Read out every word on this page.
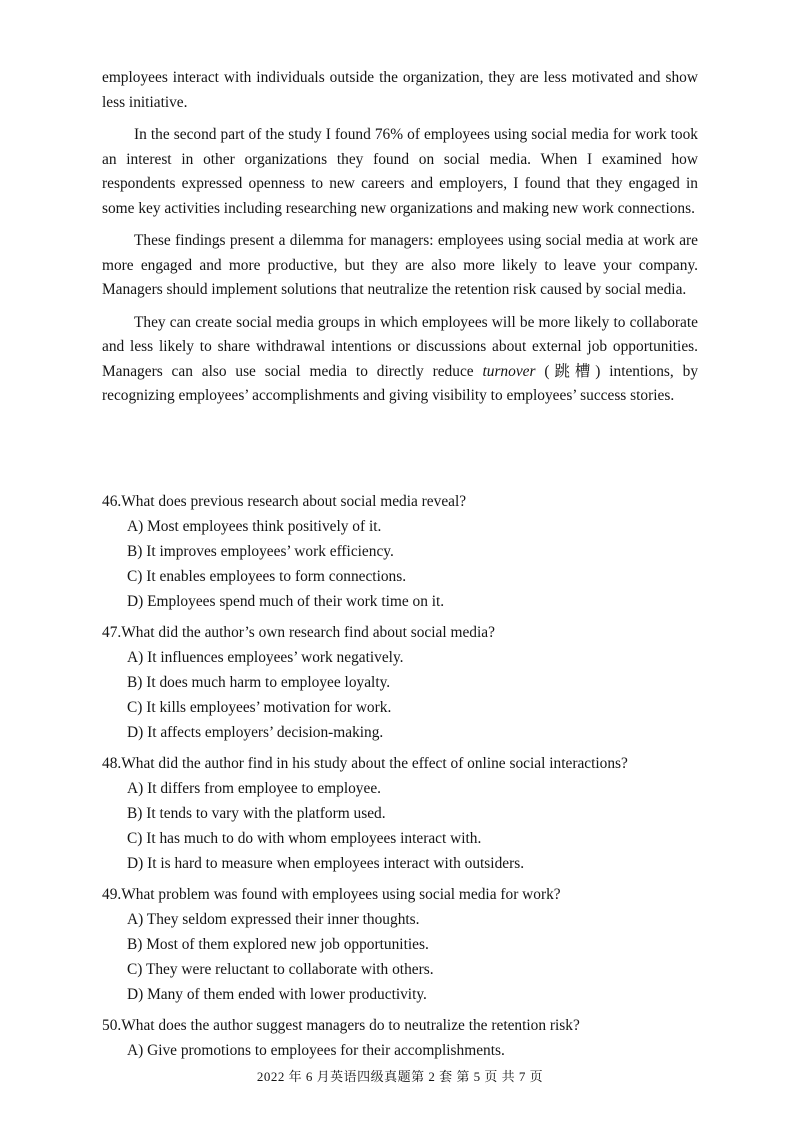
employees interact with individuals outside the organization, they are less motivated and show less initiative.

In the second part of the study I found 76% of employees using social media for work took an interest in other organizations they found on social media. When I examined how respondents expressed openness to new careers and employers, I found that they engaged in some key activities including researching new organizations and making new work connections.

These findings present a dilemma for managers: employees using social media at work are more engaged and more productive, but they are also more likely to leave your company. Managers should implement solutions that neutralize the retention risk caused by social media.

They can create social media groups in which employees will be more likely to collaborate and less likely to share withdrawal intentions or discussions about external job opportunities. Managers can also use social media to directly reduce turnover (跳槽) intentions, by recognizing employees’ accomplishments and giving visibility to employees’ success stories.

46.What does previous research about social media reveal?
A) Most employees think positively of it.
B) It improves employees’ work efficiency.
C) It enables employees to form connections.
D) Employees spend much of their work time on it.
47.What did the author’s own research find about social media?
A) It influences employees’ work negatively.
B) It does much harm to employee loyalty.
C) It kills employees’ motivation for work.
D) It affects employers’ decision-making.
48.What did the author find in his study about the effect of online social interactions?
A) It differs from employee to employee.
B) It tends to vary with the platform used.
C) It has much to do with whom employees interact with.
D) It is hard to measure when employees interact with outsiders.
49.What problem was found with employees using social media for work?
A) They seldom expressed their inner thoughts.
B) Most of them explored new job opportunities.
C) They were reluctant to collaborate with others.
D) Many of them ended with lower productivity.
50.What does the author suggest managers do to neutralize the retention risk?
A) Give promotions to employees for their accomplishments.
2022 年 6 月英语四级真题第 2 套 第 5 页 共 7 页
